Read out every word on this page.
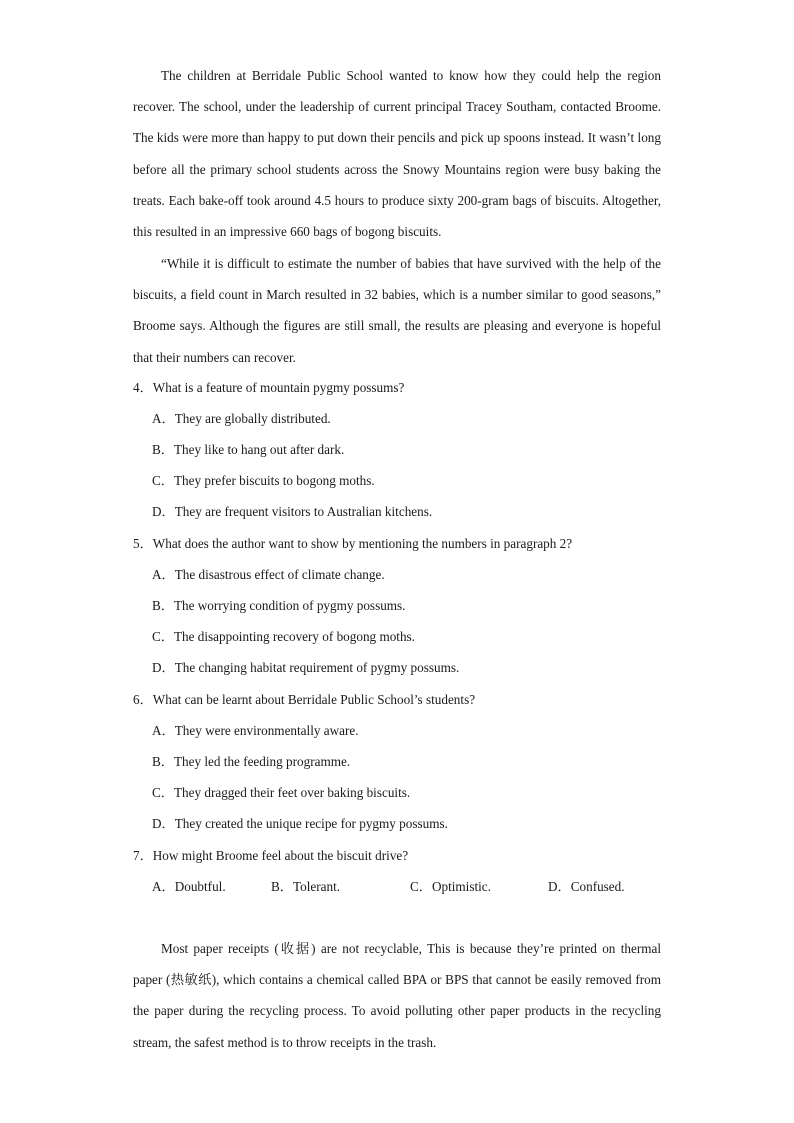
The children at Berridale Public School wanted to know how they could help the region recover. The school, under the leadership of current principal Tracey Southam, contacted Broome. The kids were more than happy to put down their pencils and pick up spoons instead. It wasn’t long before all the primary school students across the Snowy Mountains region were busy baking the treats. Each bake-off took around 4.5 hours to produce sixty 200-gram bags of biscuits. Altogether, this resulted in an impressive 660 bags of bogong biscuits.

“While it is difficult to estimate the number of babies that have survived with the help of the biscuits, a field count in March resulted in 32 babies, which is a number similar to good seasons,” Broome says. Although the figures are still small, the results are pleasing and everyone is hopeful that their numbers can recover.

4．What is a feature of mountain pygmy possums?

A．They are globally distributed.

B．They like to hang out after dark.

C．They prefer biscuits to bogong moths.

D．They are frequent visitors to Australian kitchens.

5．What does the author want to show by mentioning the numbers in paragraph 2?

A．The disastrous effect of climate change.

B．The worrying condition of pygmy possums.

C．The disappointing recovery of bogong moths.

D．The changing habitat requirement of pygmy possums.

6．What can be learnt about Berridale Public School’s students?

A．They were environmentally aware.

B．They led the feeding programme.

C．They dragged their feet over baking biscuits.

D．They created the unique recipe for pygmy possums.

7．How might Broome feel about the biscuit drive?

A．Doubtful.	B．Tolerant.	C．Optimistic.	D．Confused.

Most paper receipts (收据) are not recyclable, This is because they’re printed on thermal paper (热敏纸), which contains a chemical called BPA or BPS that cannot be easily removed from the paper during the recycling process. To avoid polluting other paper products in the recycling stream, the safest method is to throw receipts in the trash.
